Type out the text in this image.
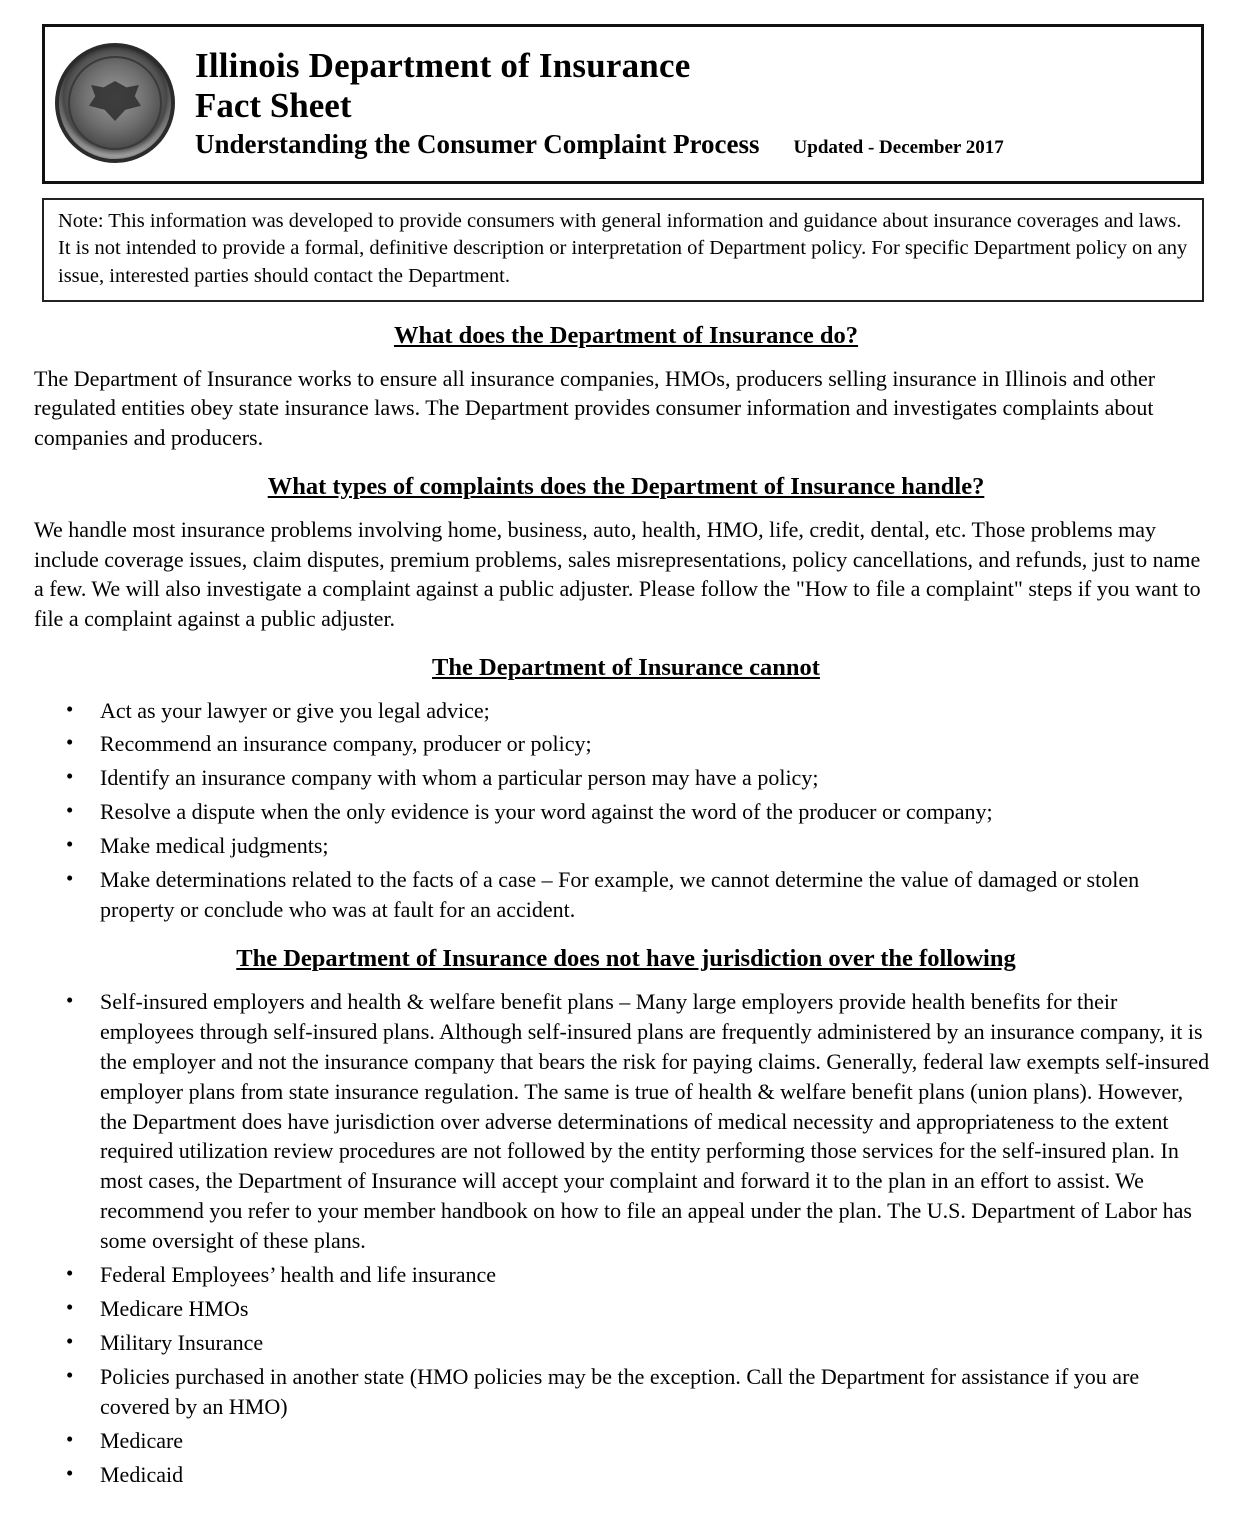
Illinois Department of Insurance
Fact Sheet
Understanding the Consumer Complaint Process Updated - December 2017
Note: This information was developed to provide consumers with general information and guidance about insurance coverages and laws. It is not intended to provide a formal, definitive description or interpretation of Department policy. For specific Department policy on any issue, interested parties should contact the Department.
What does the Department of Insurance do?

The Department of Insurance works to ensure all insurance companies, HMOs, producers selling insurance in Illinois and other regulated entities obey state insurance laws. The Department provides consumer information and investigates complaints about companies and producers.

What types of complaints does the Department of Insurance handle?

We handle most insurance problems involving home, business, auto, health, HMO, life, credit, dental, etc. Those problems may include coverage issues, claim disputes, premium problems, sales misrepresentations, policy cancellations, and refunds, just to name a few. We will also investigate a complaint against a public adjuster. Please follow the "How to file a complaint" steps if you want to file a complaint against a public adjuster.

The Department of Insurance cannot
• Act as your lawyer or give you legal advice;
• Recommend an insurance company, producer or policy;
• Identify an insurance company with whom a particular person may have a policy;
• Resolve a dispute when the only evidence is your word against the word of the producer or company;
• Make medical judgments;
• Make determinations related to the facts of a case – For example, we cannot determine the value of damaged or stolen property or conclude who was at fault for an accident.
The Department of Insurance does not have jurisdiction over the following
• Self-insured employers and health & welfare benefit plans – Many large employers provide health benefits for their employees through self-insured plans. Although self-insured plans are frequently administered by an insurance company, it is the employer and not the insurance company that bears the risk for paying claims. Generally, federal law exempts self-insured employer plans from state insurance regulation. The same is true of health & welfare benefit plans (union plans). However, the Department does have jurisdiction over adverse determinations of medical necessity and appropriateness to the extent required utilization review procedures are not followed by the entity performing those services for the self-insured plan. In most cases, the Department of Insurance will accept your complaint and forward it to the plan in an effort to assist. We recommend you refer to your member handbook on how to file an appeal under the plan. The U.S. Department of Labor has some oversight of these plans.
• Federal Employees’ health and life insurance
• Medicare HMOs
• Military Insurance
• Policies purchased in another state (HMO policies may be the exception. Call the Department for assistance if you are covered by an HMO)
• Medicare
• Medicaid
